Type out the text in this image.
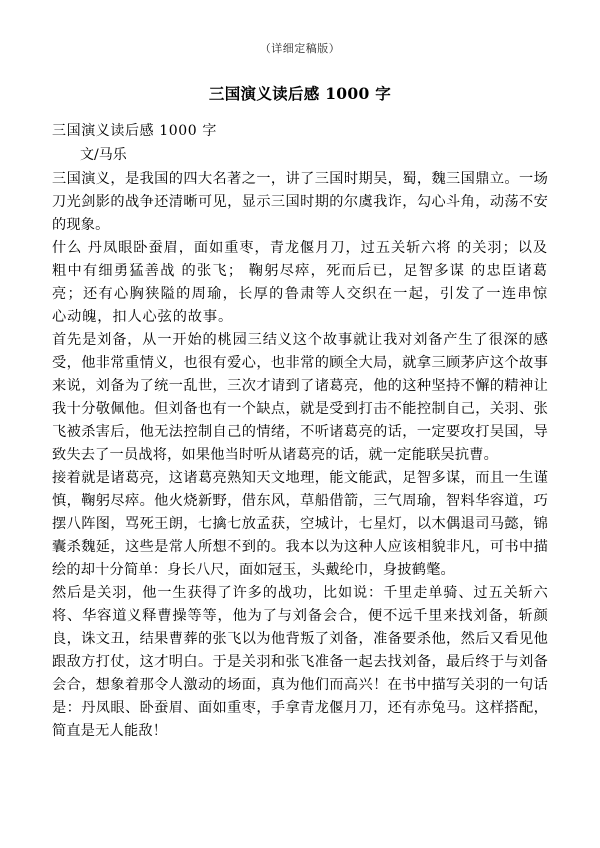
（详细定稿版）
三国演义读后感 1000 字

三国演义读后感 1000 字

文/马乐

三国演义，是我国的四大名著之一，讲了三国时期吴，蜀，魏三国鼎立。一场刀光剑影的战争还清晰可见，显示三国时期的尔虞我诈，勾心斗角，动荡不安的现象。

什么 丹凤眼卧蚕眉，面如重枣，青龙偃月刀，过五关斩六将 的关羽；以及 粗中有细勇猛善战 的张飞； 鞠躬尽瘁，死而后已，足智多谋 的忠臣诸葛亮；还有心胸狭隘的周瑜，长厚的鲁肃等人交织在一起，引发了一连串惊心动魄，扣人心弦的故事。

首先是刘备，从一开始的桃园三结义这个故事就让我对刘备产生了很深的感受，他非常重情义，也很有爱心，也非常的顾全大局，就拿三顾茅庐这个故事来说，刘备为了统一乱世，三次才请到了诸葛亮，他的这种坚持不懈的精神让我十分敬佩他。但刘备也有一个缺点，就是受到打击不能控制自己，关羽、张飞被杀害后，他无法控制自己的情绪，不听诸葛亮的话，一定要攻打吴国，导致失去了一员战将，如果他当时听从诸葛亮的话，就一定能联吴抗曹。

接着就是诸葛亮，这诸葛亮熟知天文地理，能文能武，足智多谋，而且一生谨慎，鞠躬尽瘁。他火烧新野，借东风，草船借箭，三气周瑜，智料华容道，巧摆八阵图，骂死王朗，七擒七放孟获，空城计，七星灯，以木偶退司马懿，锦囊杀魏延，这些是常人所想不到的。我本以为这种人应该相貌非凡，可书中描绘的却十分简单：身长八尺，面如冠玉，头戴纶巾，身披鹤氅。

然后是关羽，他一生获得了许多的战功，比如说：千里走单骑、过五关斩六将、华容道义释曹操等等，他为了与刘备会合，便不远千里来找刘备，斩颜良，诛文丑，结果曹葬的张飞以为他背叛了刘备，准备要杀他，然后又看见他跟敌方打仗，这才明白。于是关羽和张飞准备一起去找刘备，最后终于与刘备会合，想象着那令人激动的场面，真为他们而高兴！在书中描写关羽的一句话是：丹凤眼、卧蚕眉、面如重枣，手拿青龙偃月刀，还有赤兔马。这样搭配，简直是无人能敌！
